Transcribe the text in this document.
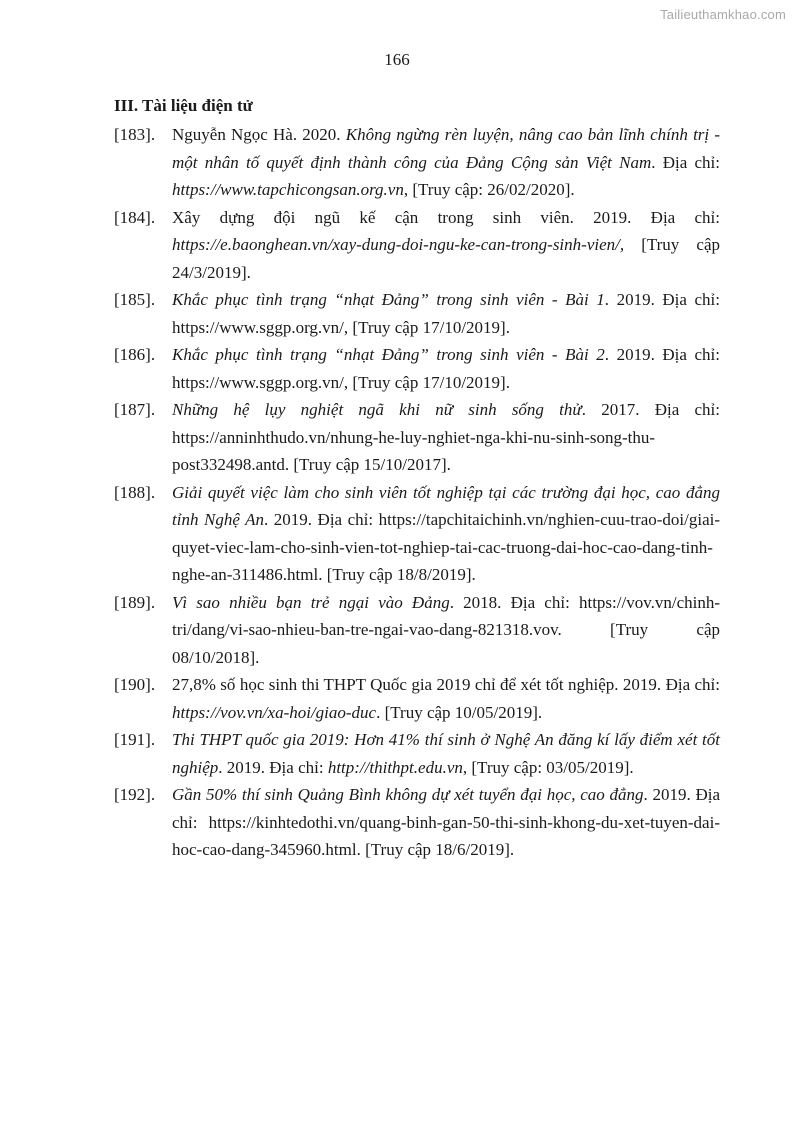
Tailieuthamkhao.com
166
III. Tài liệu điện tử
[183]. Nguyễn Ngọc Hà. 2020. Không ngừng rèn luyện, nâng cao bản lĩnh chính trị - một nhân tố quyết định thành công của Đảng Cộng sản Việt Nam. Địa chỉ: https://www.tapchicongsan.org.vn, [Truy cập: 26/02/2020].
[184]. Xây dựng đội ngũ kế cận trong sinh viên. 2019. Địa chỉ: https://e.baonghean.vn/xay-dung-doi-ngu-ke-can-trong-sinh-vien/, [Truy cập 24/3/2019].
[185]. Khắc phục tình trạng “nhạt Đảng” trong sinh viên - Bài 1. 2019. Địa chỉ: https://www.sggp.org.vn/, [Truy cập 17/10/2019].
[186]. Khắc phục tình trạng “nhạt Đảng” trong sinh viên - Bài 2. 2019. Địa chỉ: https://www.sggp.org.vn/, [Truy cập 17/10/2019].
[187]. Những hệ lụy nghiệt ngã khi nữ sinh sống thử. 2017. Địa chỉ: https://anninhthudo.vn/nhung-he-luy-nghiet-nga-khi-nu-sinh-song-thu-post332498.antd. [Truy cập 15/10/2017].
[188]. Giải quyết việc làm cho sinh viên tốt nghiệp tại các trường đại học, cao đẳng tỉnh Nghệ An. 2019. Địa chỉ: https://tapchitaichinh.vn/nghien-cuu-trao-doi/giai-quyet-viec-lam-cho-sinh-vien-tot-nghiep-tai-cac-truong-dai-hoc-cao-dang-tinh-nghe-an-311486.html. [Truy cập 18/8/2019].
[189]. Vì sao nhiều bạn trẻ ngại vào Đảng. 2018. Địa chỉ: https://vov.vn/chinh-tri/dang/vi-sao-nhieu-ban-tre-ngai-vao-dang-821318.vov. [Truy cập 08/10/2018].
[190]. 27,8% số học sinh thi THPT Quốc gia 2019 chỉ để xét tốt nghiệp. 2019. Địa chỉ: https://vov.vn/xa-hoi/giao-duc. [Truy cập 10/05/2019].
[191]. Thi THPT quốc gia 2019: Hơn 41% thí sinh ở Nghệ An đăng kí lấy điểm xét tốt nghiệp. 2019. Địa chỉ: http://thithpt.edu.vn, [Truy cập: 03/05/2019].
[192]. Gần 50% thí sinh Quảng Bình không dự xét tuyển đại học, cao đẳng. 2019. Địa chỉ: https://kinhtedothi.vn/quang-binh-gan-50-thi-sinh-khong-du-xet-tuyen-dai-hoc-cao-dang-345960.html. [Truy cập 18/6/2019].
